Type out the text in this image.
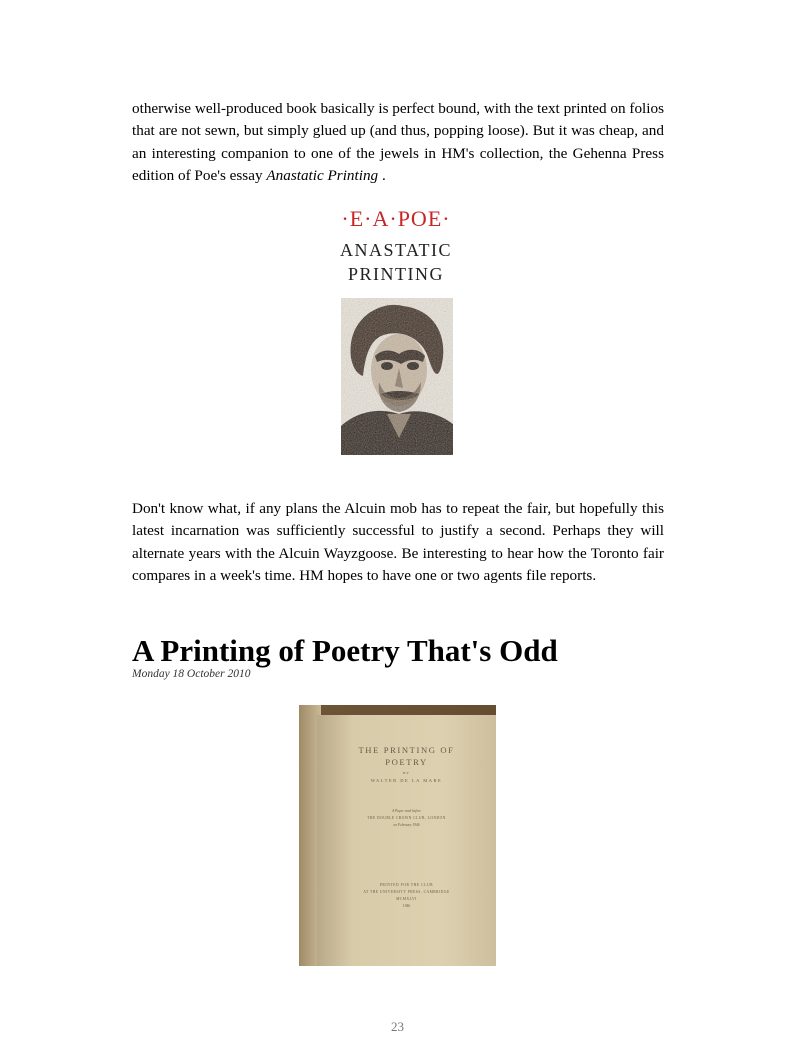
otherwise well-produced book basically is perfect bound, with the text printed on folios that are not sewn, but simply glued up (and thus, popping loose). But it was cheap, and an interesting companion to one of the jewels in HM's collection, the Gehenna Press edition of Poe's essay Anastatic Printing .

·E·A·POE·
ANASTATIC
PRINTING

Don't know what, if any plans the Alcuin mob has to repeat the fair, but hopefully this latest incarnation was sufficiently successful to justify a second. Perhaps they will alternate years with the Alcuin Wayzgoose. Be interesting to hear how the Toronto fair compares in a week's time. HM hopes to have one or two agents file reports.

A Printing of Poetry That's Odd
Monday 18 October 2010
THE PRINTING OF
POETRY
BY
WALTER DE LA MARE
A Paper read before
THE DOUBLE CROWN CLUB, LONDON
on February 1946
PRINTED FOR THE CLUB
AT THE UNIVERSITY PRESS, CAMBRIDGE
MCMXLVI
1946
23
